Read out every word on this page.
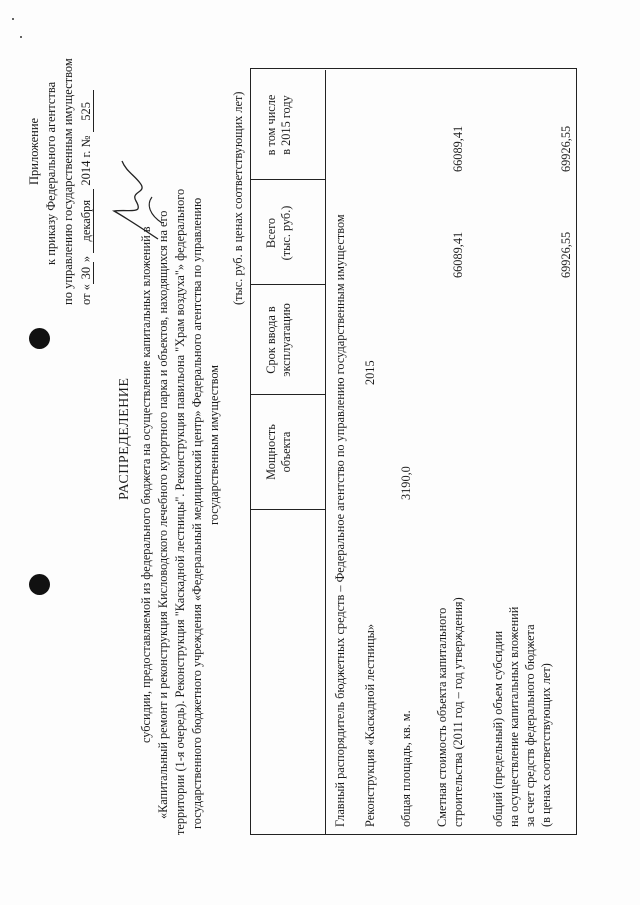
Приложение к приказу Федерального агентства по управлению государственным имуществом от «30» декабря 2014 г. № 525
РАСПРЕДЕЛЕНИЕ субсидии, предоставляемой из федерального бюджета на осуществление капитальных вложений в «Капитальный ремонт и реконструкция Кисловодского лечебного курортного парка и объектов, находящихся на его территории (1-я очередь). Реконструкция "Каскадной лестницы". Реконструкция павильона "Храм воздуха"» федерального государственного бюджетного учреждения «Федеральный медицинский центр» Федерального агентства по управлению государственным имуществом
(тыс. руб. в ценах соответствующих лет)
Мощность объекта
Срок ввода в эксплуатацию
Всего (тыс. руб.)
в том числе в 2015 году
Главный распорядитель бюджетных средств – Федеральное агентство по управлению государственным имуществом Реконструкция «Каскадной лестницы»
2015
общая площадь, кв. м.
3190,0
Сметная стоимость объекта капитального строительства (2011 год – год утверждения)
66089,41
66089,41
общий (предельный) объем субсидии на осуществление капитальных вложений за счет средств федерального бюджета (в ценах соответствующих лет)
69926,55
69926,55
